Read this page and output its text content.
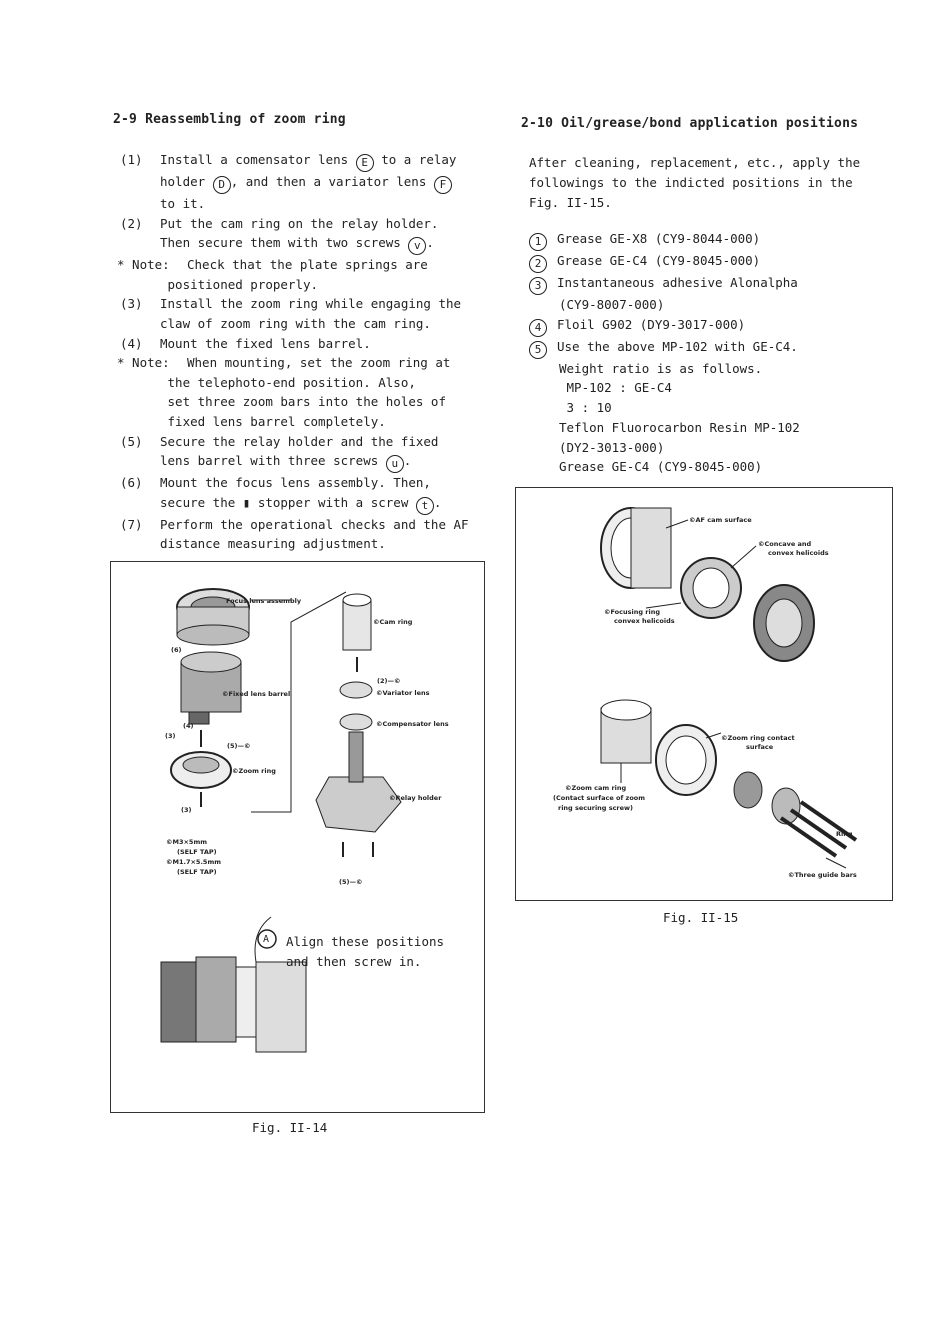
2-9 Reassembling of zoom ring
(1) Install a comensator lens E to a relay
holder D , and then a variator lens F
to it.
(2) Put the cam ring on the relay holder.
Then secure them with two screws v .
* Note: Check that the plate springs are
positioned properly.
(3) Install the zoom ring while engaging the
claw of zoom ring with the cam ring.
(4) Mount the fixed lens barrel.
* Note: When mounting, set the zoom ring at
the telephoto-end position. Also,
set three zoom bars into the holes of
fixed lens barrel completely.
(5) Secure the relay holder and the fixed
lens barrel with three screws u .
(6) Mount the focus lens assembly. Then,
secure the ▮ stopper with a screw t .
(7) Perform the operational checks and the AF
distance measuring adjustment.
2-10 Oil/grease/bond application positions
After cleaning, replacement, etc., apply the
followings to the indicted positions in the
Fig. II-15.
1 Grease GE-X8 (CY9-8044-000)
2 Grease GE-C4 (CY9-8045-000)
3 Instantaneous adhesive Alonalpha
(CY9-8007-000)
4 Floil G902 (DY9-3017-000)
5 Use the above MP-102 with GE-C4.
Weight ratio is as follows.
MP-102 : GE-C4
3 : 10
Teflon Fluorocarbon Resin MP-102
(DY2-3013-000)
Grease GE-C4 (CY9-8045-000)
Focus lens assembly
©Cam ring
(6)
©Fixed lens barrel
(4)
(3)
(5)—©
©Zoom ring
(3)
(2)—©
©Variator lens
©Compensator lens
©Relay holder
(5)—©
©M3×5mm
(SELF TAP)
©M1.7×5.5mm
(SELF TAP)
A Align these positions
and then screw in.
Fig. II-14
©AF cam surface
©Concave and
convex helicoids
©Focusing ring
convex helicoids
©Zoom ring contact
surface
©Zoom cam ring
(Contact surface of zoom
ring securing screw)
Ring
©Three guide bars
Fig. II-15
